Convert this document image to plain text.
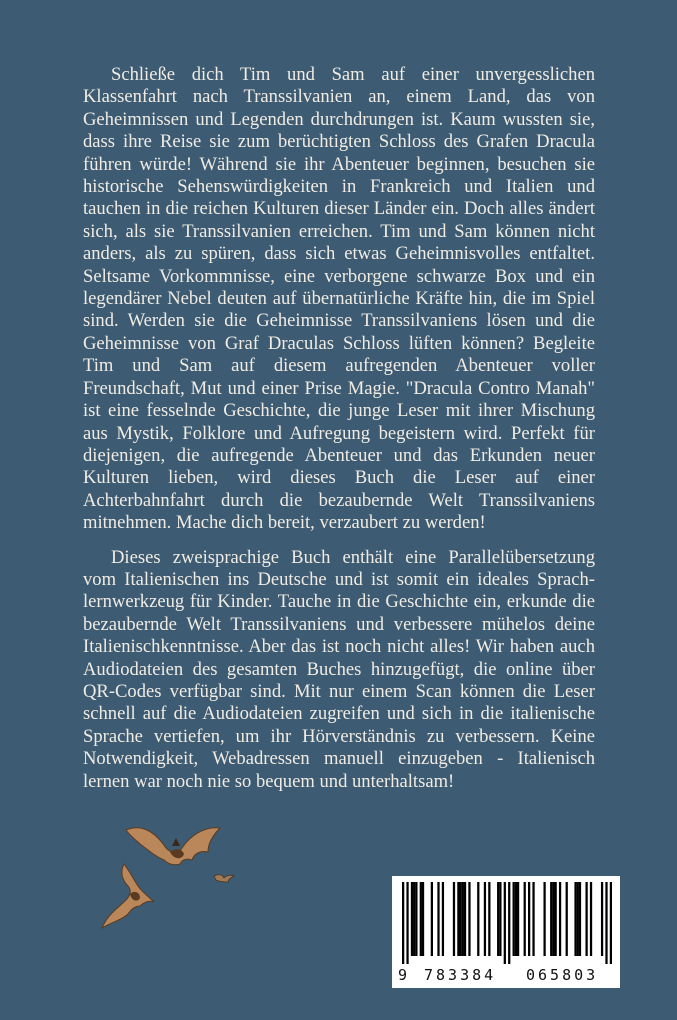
Schließe dich Tim und Sam auf einer unvergesslichen Klassenfahrt nach Transsilvanien an, einem Land, das von Geheimnissen und Legenden durchdrungen ist. Kaum wussten sie, dass ihre Reise sie zum berüchtigten Schloss des Grafen Dracula führen würde! Während sie ihr Abenteuer beginnen, besuchen sie historische Sehenswürdigkeiten in Frankreich und Italien und tauchen in die reichen Kulturen dieser Länder ein. Doch alles ändert sich, als sie Transsilvanien erreichen. Tim und Sam können nicht anders, als zu spüren, dass sich etwas Geheimnisvolles entfaltet. Seltsame Vorkommnisse, eine verborgene schwarze Box und ein legendärer Nebel deuten auf übernatürliche Kräfte hin, die im Spiel sind. Werden sie die Geheimnisse Transsilvaniens lösen und die Geheimnisse von Graf Draculas Schloss lüften können? Begleite Tim und Sam auf diesem aufregenden Abenteuer voller Freundschaft, Mut und einer Prise Magie. "Dracula Contro Manah" ist eine fesselnde Geschichte, die junge Leser mit ihrer Mischung aus Mystik, Folklore und Aufregung begeistern wird. Perfekt für diejenigen, die aufregende Abenteuer und das Erkunden neuer Kulturen lieben, wird dieses Buch die Leser auf einer Achterbahnfahrt durch die bezaubernde Welt Transsilvaniens mitnehmen. Mache dich bereit, verzaubert zu werden!

Dieses zweisprachige Buch enthält eine Parallelübersetzung vom Italienischen ins Deutsche und ist somit ein ideales Sprachlernwerkzeug für Kinder. Tauche in die Geschichte ein, erkunde die bezaubernde Welt Transsilvaniens und verbessere mühelos deine Italienischkenntnisse. Aber das ist noch nicht alles! Wir haben auch Audiodateien des gesamten Buches hinzugefügt, die online über QR-Codes verfügbar sind. Mit nur einem Scan können die Leser schnell auf die Audiodateien zugreifen und sich in die italienische Sprache vertiefen, um ihr Hörverständnis zu verbessern. Keine Notwendigkeit, Webadressen manuell einzugeben - Italienisch lernen war noch nie so bequem und unterhaltsam!

9 783384 065803
